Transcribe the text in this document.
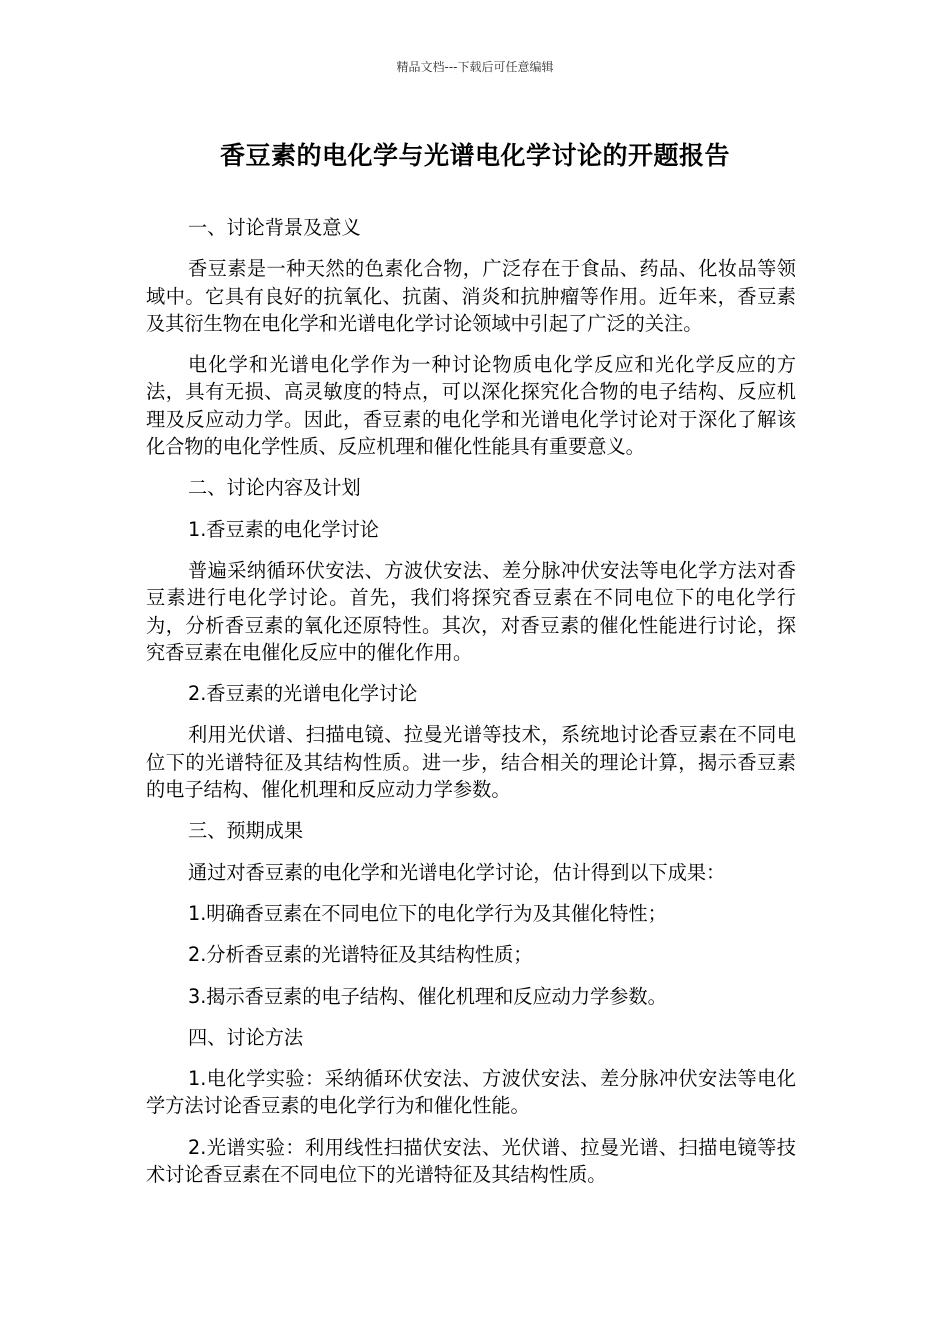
精品文档---下载后可任意编辑
香豆素的电化学与光谱电化学讨论的开题报告

一、讨论背景及意义

香豆素是一种天然的色素化合物，广泛存在于食品、药品、化妆品等领域中。它具有良好的抗氧化、抗菌、消炎和抗肿瘤等作用。近年来，香豆素及其衍生物在电化学和光谱电化学讨论领域中引起了广泛的关注。

电化学和光谱电化学作为一种讨论物质电化学反应和光化学反应的方法，具有无损、高灵敏度的特点，可以深化探究化合物的电子结构、反应机理及反应动力学。因此，香豆素的电化学和光谱电化学讨论对于深化了解该化合物的电化学性质、反应机理和催化性能具有重要意义。

二、讨论内容及计划

1.香豆素的电化学讨论

普遍采纳循环伏安法、方波伏安法、差分脉冲伏安法等电化学方法对香豆素进行电化学讨论。首先，我们将探究香豆素在不同电位下的电化学行为，分析香豆素的氧化还原特性。其次，对香豆素的催化性能进行讨论，探究香豆素在电催化反应中的催化作用。

2.香豆素的光谱电化学讨论

利用光伏谱、扫描电镜、拉曼光谱等技术，系统地讨论香豆素在不同电位下的光谱特征及其结构性质。进一步，结合相关的理论计算，揭示香豆素的电子结构、催化机理和反应动力学参数。

三、预期成果

通过对香豆素的电化学和光谱电化学讨论，估计得到以下成果：

1.明确香豆素在不同电位下的电化学行为及其催化特性；

2.分析香豆素的光谱特征及其结构性质；

3.揭示香豆素的电子结构、催化机理和反应动力学参数。

四、讨论方法

1.电化学实验：采纳循环伏安法、方波伏安法、差分脉冲伏安法等电化学方法讨论香豆素的电化学行为和催化性能。

2.光谱实验：利用线性扫描伏安法、光伏谱、拉曼光谱、扫描电镜等技术讨论香豆素在不同电位下的光谱特征及其结构性质。
